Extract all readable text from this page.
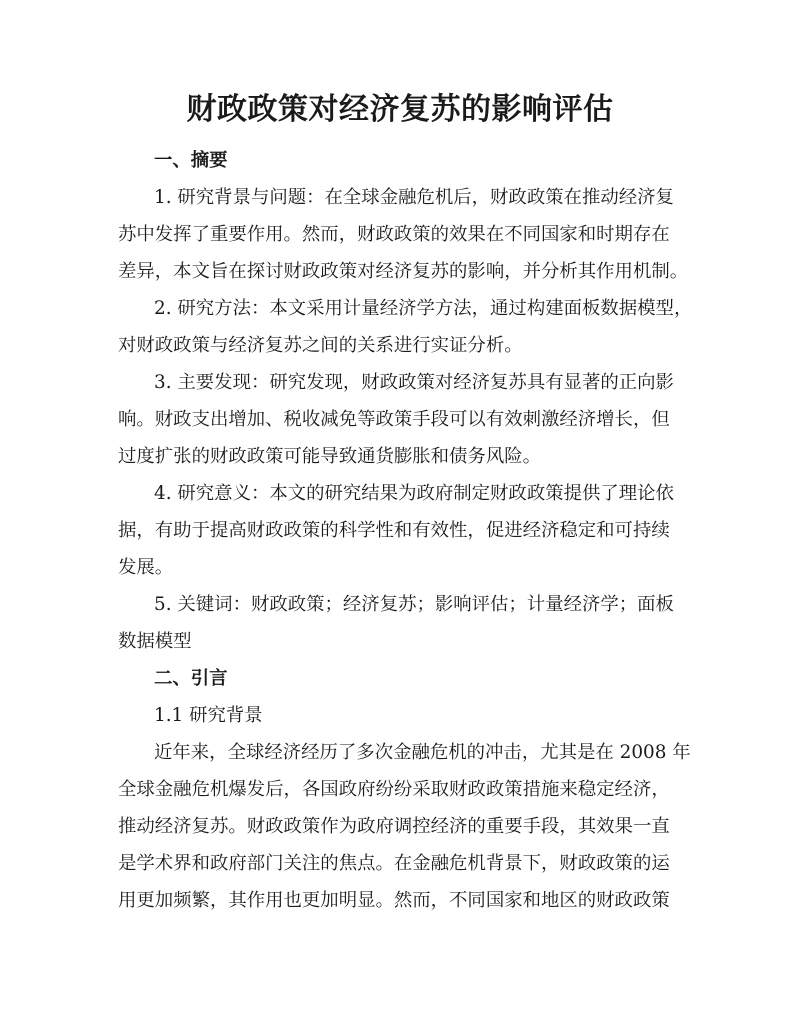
财政政策对经济复苏的影响评估
一、摘要
1. 研究背景与问题：在全球金融危机后，财政政策在推动经济复
苏中发挥了重要作用。然而，财政政策的效果在不同国家和时期存在
差异，本文旨在探讨财政政策对经济复苏的影响，并分析其作用机制。
2. 研究方法：本文采用计量经济学方法，通过构建面板数据模型，
对财政政策与经济复苏之间的关系进行实证分析。
3. 主要发现：研究发现，财政政策对经济复苏具有显著的正向影
响。财政支出增加、税收减免等政策手段可以有效刺激经济增长，但
过度扩张的财政政策可能导致通货膨胀和债务风险。
4. 研究意义：本文的研究结果为政府制定财政政策提供了理论依
据，有助于提高财政政策的科学性和有效性，促进经济稳定和可持续
发展。
5. 关键词：财政政策；经济复苏；影响评估；计量经济学；面板
数据模型
二、引言
1.1 研究背景
近年来，全球经济经历了多次金融危机的冲击，尤其是在 2008 年
全球金融危机爆发后，各国政府纷纷采取财政政策措施来稳定经济，
推动经济复苏。财政政策作为政府调控经济的重要手段，其效果一直
是学术界和政府部门关注的焦点。在金融危机背景下，财政政策的运
用更加频繁，其作用也更加明显。然而，不同国家和地区的财政政策
